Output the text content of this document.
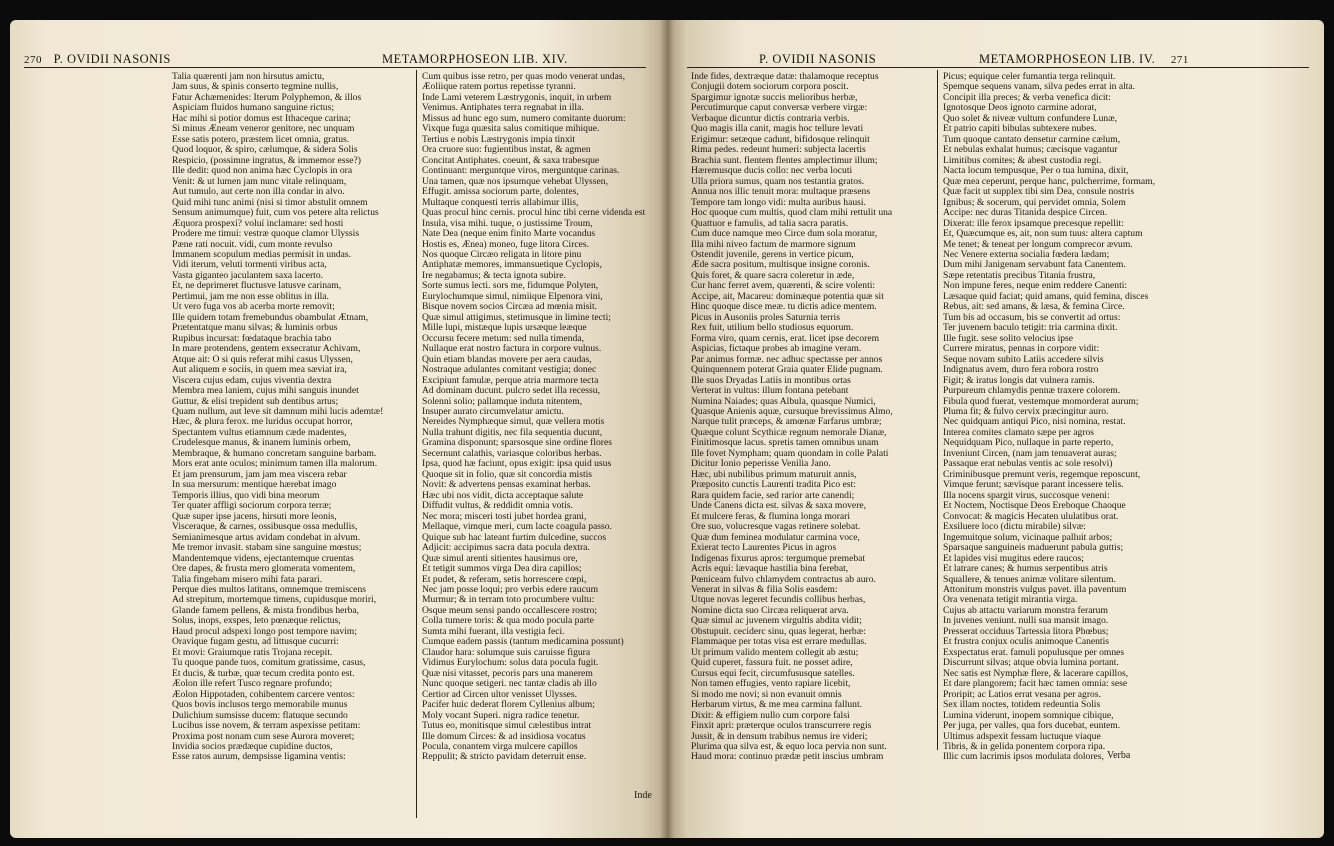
270 P. OVIDII NASONIS	METAMORPHOSEON LIB. XIV.
Talia quærenti jam non hirsutus amictu,
Jam suus, & spinis conserto tegmine nullis,
Fatur Achæmenides: Iterum Polyphemon, & illos
Aspiciam fluidos humano sanguine rictus;
Hac mihi si potior domus est Ithaceque carina;
Si minus Æneam veneror genitore, nec unquam
Esse satis potero, præstem licet omnia, gratus.
Quod loquor, & spiro, cælumque, & sidera Solis
Respicio, (possimne ingratus, & immemor esse?)
Ille dedit: quod non anima hæc Cyclopis in ora
Venit: & ut lumen jam nunc vitale relinquam,
Aut tumulo, aut certe non illa condar in alvo.
Quid mihi tunc animi (nisi si timor abstulit omnem
Sensum animumque) fuit, cum vos petere alta relictus
Æquora prospexi? voluí inclamare: sed hosti
Prodere me timui: vestræ quoque clamor Ulyssis
Pæne rati nocuit. vidi, cum monte revulso
Immanem scopulum medias permisit in undas.
Vidi iterum, veluti tormenti viribus acta,
Vasta giganteo jaculantem saxa lacerto.
Et, ne deprimeret fluctusve latusve carinam,
Pertimui, jam me non esse oblitus in illa.
Ut vero fuga vos ab acerba morte removit;
Ille quidem totam fremebundus obambulat Ætnam,
Prætentatque manu silvas; & luminis orbus
Rupibus incursat: fœdataque brachia tabo
In mare protendens, gentem exsecratur Achivam,
Atque ait: O si quis referat mihi casus Ulyssen,
Aut aliquem e sociis, in quem mea sæviat ira,
Viscera cujus edam, cujus viventia dextra
Membra mea laniem, cujus mihi sanguis inundet
Guttur, & elisi trepident sub dentibus artus;
Quam nullum, aut leve sit damnum mihi lucis ademtæ!
Hæc, & plura ferox. me luridus occupat horror,
Spectantem vultus etiamnum cæde madentes,
Crudelesque manus, & inanem luminis orbem,
Membraque, & humano concretam sanguine barbam.
Mors erat ante oculos; minimum tamen illa malorum.
Et jam prensurum, jam jam mea viscera rebar
In sua mersurum: mentique hærebat imago
Temporis illius, quo vidi bina meorum
Ter quater affligi sociorum corpora terræ;
Quæ super ipse jacens, hirsuti more leonis,
Visceraque, & carnes, ossibusque ossa medullis,
Semianimesque artus avidam condebat in alvum.
Me tremor invasit. stabam sine sanguine mœstus;
Mandentemque videns, ejectantemque cruentas
Ore dapes, & frusta mero glomerata vomentem,
Talia fingebam misero mihi fata parari.
Perque dies multos latitans, omnemque tremiscens
Ad strepitum, mortemque timens, cupidusque moriri,
Glande famem pellens, & mista frondibus herba,
Solus, inops, exspes, leto pœnæque relictus,
Haud procul adspexi longo post tempore navim;
Oravique fugam gestu, ad littusque cucurri:
Et movi: Graiumque ratis Trojana recepit.
Tu quoque pande tuos, comitum gratissime, casus,
Et ducis, & turbæ, quæ tecum credita ponto est.
Æolon ille refert Tusco regnare profundo;
Æolon Hippotaden, cohibentem carcere ventos:
Quos bovis inclusos tergo memorabile munus
Dulichium sumsisse ducem: flatuque secundo
Lucibus isse novem, & terram aspexisse petitam:
Proxima post nonam cum sese Aurora moveret;
Invidia socios prædæque cupidine ductos,
Esse ratos aurum, dempsisse ligamina ventis:
Cum quibus isse retro, per quas modo venerat undas,
Æoliique ratem portus repetisse tyranni.
Inde Lami veterem Læstrygonis, inquit, in urbem
Venimus. Antiphates terra regnabat in illa.
Missus ad hunc ego sum, numero comitante duorum:
Vixque fuga quæsita salus comitique mihique.
Tertius e nobis Læstrygonis impia tinxit
Ora cruore suo: fugientibus instat, & agmen
Concitat Antiphates. coeunt, & saxa trabesque
Continuant: merguntque viros, merguntque carinas.
Una tamen, quæ nos ipsumque vehebat Ulyssen,
Effugit. amissa sociorum parte, dolentes,
Multaque conquesti terris allabimur illis,
Quas procul hinc cernis. procul hinc tibi cerne videnda est
Insula, visa mihi. tuque, o justissime Troum,
Nate Dea (neque enim finito Marte vocandus
Hostis es, Ænea) moneo, fuge litora Circes.
Nos quoque Circæo religata in litore pinu
Antiphatæ memores, immansuetique Cyclopis,
Ire negabamus; & tecta ignota subire.
Sorte sumus lecti. sors me, fidumque Polyten,
Eurylochumque simul, nimiique Elpenora vini,
Bisque novem socios Circæa ad mœnia misit.
Quæ simul attigimus, stetimusque in limine tecti;
Mille lupi, mistæque lupis ursæque leæque
Occursu fecere metum: sed nulla timenda,
Nullaque erat nostro factura in corpore vulnus.
Quin etiam blandas movere per aera caudas,
Nostraque adulantes comitant vestigia; donec
Excipiunt famulæ, perque atria marmore tecta
Ad dominam ducunt. pulcro sedet illa recessu,
Solenni solio; pallamque induta nitentem,
Insuper aurato circumvelatur amictu.
Nereides Nymphæque simul, quæ vellera motis
Nulla trahunt digitis, nec fila sequentia ducunt,
Gramina disponunt; sparsosque sine ordine flores
Secernunt calathis, variasque coloribus herbas.
Ipsa, quod hæ faciunt, opus exigit: ipsa quid usus
Quoque sit in folio, quæ sit concordia mistis
Novit: & advertens pensas examinat herbas.
Hæc ubi nos vidit, dicta acceptaque salute
Diffudit vultus, & reddidit omnia votis.
Nec mora; misceri tosti jubet hordea grani,
Mellaque, vimque meri, cum lacte coagula passo.
Quique sub hac lateant furtim dulcedine, succos
Adjicit: accipimus sacra data pocula dextra.
Quæ simul arenti sitientes hausimus ore,
Et tetigit summos virga Dea dira capillos;
Et pudet, & referam, setis horrescere cœpi,
Nec jam posse loqui; pro verbis edere raucum
Murmur; & in terram toto procumbere vultu:
Osque meum sensi pando occallescere rostro;
Colla tumere toris: & qua modo pocula parte
Sumta mihi fuerant, illa vestigia feci.
Cumque eadem passis (tantum medicamina possunt)
Claudor hara: solumque suis caruisse figura
Vidimus Eurylochum: solus data pocula fugit.
Quæ nisi vitasset, pecoris pars una manerem
Nunc quoque setigeri. nec tantæ cladis ab illo
Certior ad Circen ultor venisset Ulysses.
Pacifer huic dederat florem Cyllenius album;
Moly vocant Superi. nigra radice tenetur.
Tutus eo, monitisque simul cælestibus intrat
Ille domum Circes: & ad insidiosa vocatus
Pocula, conantem virga mulcere capillos
Reppulit; & stricto pavidam deterruit ense.
Inde
P. OVIDII NASONIS	METAMORPHOSEON LIB. IV. 271
Inde fides, dextræque datæ: thalamoque receptus
Conjugii dotem sociorum corpora poscit.
Spargimur ignotæ succis melioribus herbæ,
Percutimurque caput conversæ verbere virgæ:
Verbaque dicuntur dictis contraria verbis.
Quo magis illa canit, magis hoc tellure levati
Erigimur: setæque cadunt, bifidosque relinquit
Rima pedes. redeunt humeri: subjecta lacertis
Brachia sunt. flentem flentes amplectimur illum;
Hæremusque ducis collo: nec verba locuti
Ulla priora sumus, quam nos testantia gratos.
Annua nos illic tenuit mora: multaque præsens
Tempore tam longo vidi: multa auribus hausi.
Hoc quoque cum multis, quod clam mihi rettulit una
Quattuor e famulis, ad talia sacra paratis.
Cum duce namque meo Circe dum sola moratur,
Illa mihi niveo factum de marmore signum
Ostendit juvenile, gerens in vertice picum,
Æde sacra positum, multisque insigne coronis.
Quis foret, & quare sacra coleretur in æde,
Cur hanc ferret avem, quærenti, & scire volenti:
Accipe, ait, Macareu: dominæque potentia quæ sit
Hinc quoque disce meæ. tu dictis adice mentem.
Picus in Ausoniis proles Saturnia terris
Rex fuit, utilium bello studiosus equorum.
Forma viro, quam cernis, erat. licet ipse decorem
Aspicias, fictaque probes ab imagine veram.
Par animus formæ. nec adhuc spectasse per annos
Quinquennem poterat Graia quater Elide pugnam.
Ille suos Dryadas Latiis in montibus ortas
Verterat in vultus: illum fontana petebant
Numina Naiades; quas Albula, quasque Numici,
Quasque Anienis aquæ, cursuque brevissimus Almo,
Narque tulit præceps, & amœnæ Farfarus umbræ;
Quæque colunt Scythicæ regnum nemorale Dianæ,
Finitimosque lacus. spretis tamen omnibus unam
Ille fovet Nympham; quam quondam in colle Palati
Dicitur Ionio peperisse Venilia Jano.
Hæc, ubi nubilibus primum maturuit annis,
Præposito cunctis Laurenti tradita Pico est:
Rara quidem facie, sed rarior arte canendi;
Unde Canens dicta est. silvas & saxa movere,
Et mulcere feras, & flumina longa morari
Ore suo, volucresque vagas retinere solebat.
Quæ dum feminea modulatur carmina voce,
Exierat tecto Laurentes Picus in agros
Indigenas fixurus apros: tergumque premebat
Acris equi: lævaque hastilia bina ferebat,
Pœniceam fulvo chlamydem contractus ab auro.
Venerat in silvas & filia Solis easdem:
Utque novas legeret fecundis collibus herbas,
Nomine dicta suo Circæa reliquerat arva.
Quæ simul ac juvenem virgultis abdita vidit;
Obstupuit. ceciderc sinu, quas legerat, herbæ:
Flammaque per totas visa est errare medullas.
Ut primum valido mentem collegit ab æstu;
Quid cuperet, fassura fuit. ne posset adire,
Cursus equi fecit, circumfususque satelles.
Non tamen effugies, vento rapiare licebit,
Si modo me novi; si non evanuit omnis
Herbarum virtus, & me mea carmina fallunt.
Dixit: & effigiem nullo cum corpore falsi
Finxit apri: præterque oculos transcurrere regis
Jussit, & in densum trabibus nemus ire videri;
Plurima qua silva est, & equo loca pervia non sunt.
Haud mora: continuo prædæ petit inscius umbram
Picus; equique celer fumantia terga relinquit.
Spemque sequens vanam, silva pedes errat in alta.
Concipit illa preces; & verba venefica dicit:
Ignotosque Deos ignoto carmine adorat,
Quo solet & niveæ vultum confundere Lunæ,
Et patrio capiti bibulas subtexere nubes.
Tum quoque cantato densetur carmine cælum,
Et nebulas exhalat humus; cæcisque vagantur
Limitibus comites; & abest custodia regi.
Nacta locum tempusque, Per o tua lumina, dixit,
Quæ mea ceperunt, perque hanc, pulcherrime, formam,
Quæ facit ut supplex tibi sim Dea, consule nostris
Ignibus; & socerum, qui pervidet omnia, Solem
Accipe: nec duras Titanida despice Circen.
Dixerat: ille ferox ipsamque precesque repellit:
Et, Quæcumque es, ait, non sum tuus: altera captum
Me tenet; & teneat per longum comprecor ævum.
Nec Venere externa socialia fœdera lædam;
Dum mihi Janigenam servabunt fata Canentem.
Sæpe retentatis precibus Titania frustra,
Non impune feres, neque enim reddere Canenti:
Læsaque quid faciat; quid amans, quid femina, disces
Rebus, ait: sed amans, & læsa, & femina Circe.
Tum bis ad occasum, bis se convertit ad ortus:
Ter juvenem baculo tetigit: tria carmina dixit.
Ille fugit. sese solito velocius ipse
Currere miratus, pennas in corpore vidit:
Seque novam subito Latiis accedere silvis
Indignatus avem, duro fera robora rostro
Figit; & iratus longis dat vulnera ramis.
Purpureum chlamydis pennæ traxere colorem.
Fibula quod fuerat, vestemque momorderat aurum;
Pluma fit; & fulvo cervix præcingitur auro.
Nec quidquam antiqui Pico, nisi nomina, restat.
Interea comites clamato sæpe per agros
Nequidquam Pico, nullaque in parte reperto,
Inveniunt Circen, (nam jam tenuaverat auras;
Passaque erat nebulas ventis ac sole resolvi)
Criminibusque premunt veris, regemque reposcunt,
Vimque ferunt; sævisque parant incessere telis.
Illa nocens spargit virus, succosque veneni:
Et Noctem, Noctisque Deos Ereboque Chaoque
Convocat: & magicis Hecaten ululatibus orat.
Exsiluere loco (dictu mirabile) silvæ:
Ingemuitque solum, vicinaque palluit arbos;
Sparsaque sanguineis maduerunt pabula guttis;
Et lapides visi mugitus edere raucos;
Et latrare canes; & humus serpentibus atris
Squallere, & tenues animæ volitare silentum.
Attonitum monstris vulgus pavet. illa paventum
Ora venenata tetigit mirantia virga.
Cujus ab attactu variarum monstra ferarum
In juvenes veniunt. nulli sua mansit imago.
Presserat occiduus Tartessia litora Phœbus;
Et frustra conjux oculis animoque Canentis
Exspectatus erat. famuli populusque per omnes
Discurrunt silvas; atque obvia lumina portant.
Nec satis est Nymphæ flere, & lacerare capillos,
Et dare plangorem; facit hæc tamen omnia: sese
Proripit; ac Latios errat vesana per agros.
Sex illam noctes, totidem redeuntia Solis
Lumina viderunt, inopem somnique cibique,
Per juga, per valles, qua fors ducebat, euntem.
Ultimus adspexit fessam luctuque viaque
Tibris, & in gelida ponentem corpora ripa.
Illic cum lacrimis ipsos modulata dolores, Verba
